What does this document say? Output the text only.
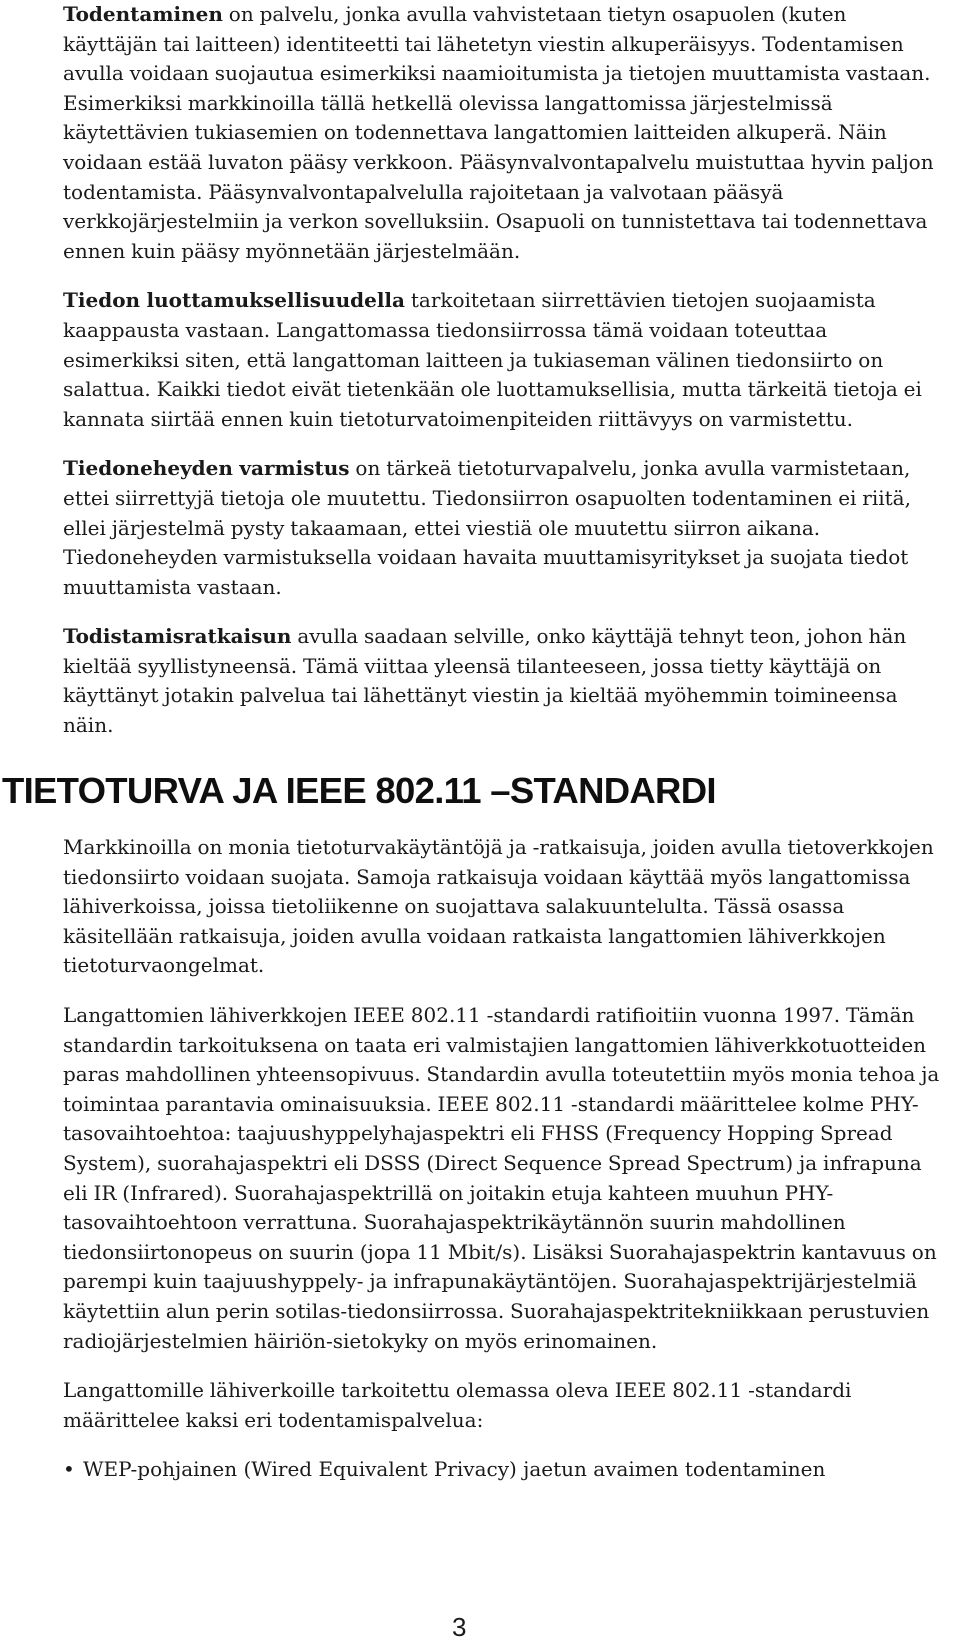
Todentaminen on palvelu, jonka avulla vahvistetaan tietyn osapuolen (kuten käyttäjän tai laitteen) identiteetti tai lähetetyn viestin alkuperäisyys. Todentamisen avulla voidaan suojautua esimerkiksi naamioitumista ja tietojen muuttamista vastaan. Esimerkiksi markkinoilla tällä hetkellä olevissa langattomissa järjestelmissä käytettävien tukiasemien on todennettava langattomien laitteiden alkuperä. Näin voidaan estää luvaton pääsy verkkoon. Pääsynvalvontapalvelu muistuttaa hyvin paljon todentamista. Pääsynvalvontapalvelulla rajoitetaan ja valvotaan pääsyä verkkojärjestelmiin ja verkon sovelluksiin. Osapuoli on tunnistettava tai todennettava ennen kuin pääsy myönnetään järjestelmään.

Tiedon luottamuksellisuudella tarkoitetaan siirrettävien tietojen suojaamista kaappausta vastaan. Langattomassa tiedonsiirrossa tämä voidaan toteuttaa esimerkiksi siten, että langattoman laitteen ja tukiaseman välinen tiedonsiirto on salattua. Kaikki tiedot eivät tietenkään ole luottamuksellisia, mutta tärkeitä tietoja ei kannata siirtää ennen kuin tietoturvatoimenpiteiden riittävyys on varmistettu.

Tiedoneheyden varmistus on tärkeä tietoturvapalvelu, jonka avulla varmistetaan, ettei siirrettyjä tietoja ole muutettu. Tiedonsiirron osapuolten todentaminen ei riitä, ellei järjestelmä pysty takaamaan, ettei viestiä ole muutettu siirron aikana. Tiedoneheyden varmistuksella voidaan havaita muuttamisyritykset ja suojata tiedot muuttamista vastaan.

Todistamisratkaisun avulla saadaan selville, onko käyttäjä tehnyt teon, johon hän kieltää syyllistyneensä. Tämä viittaa yleensä tilanteeseen, jossa tietty käyttäjä on käyttänyt jotakin palvelua tai lähettänyt viestin ja kieltää myöhemmin toimineensa näin.

TIETOTURVA JA IEEE 802.11 –STANDARDI

Markkinoilla on monia tietoturvakäytäntöjä ja -ratkaisuja, joiden avulla tietoverkkojen tiedonsiirto voidaan suojata. Samoja ratkaisuja voidaan käyttää myös langattomissa lähiverkoissa, joissa tietoliikenne on suojattava salakuuntelulta. Tässä osassa käsitellään ratkaisuja, joiden avulla voidaan ratkaista langattomien lähiverkkojen tietoturvaongelmat.

Langattomien lähiverkkojen IEEE 802.11 -standardi ratifioitiin vuonna 1997. Tämän standardin tarkoituksena on taata eri valmistajien langattomien lähiverkkotuotteiden paras mahdollinen yhteensopivuus. Standardin avulla toteutettiin myös monia tehoa ja toimintaa parantavia ominaisuuksia. IEEE 802.11 -standardi määrittelee kolme PHY-tasovaihtoehtoa: taajuushyppelyhajaspektri eli FHSS (Frequency Hopping Spread System), suorahajaspektri eli DSSS (Direct Sequence Spread Spectrum) ja infrapuna eli IR (Infrared). Suorahajaspektrillä on joitakin etuja kahteen muuhun PHY-tasovaihtoehtoon verrattuna. Suorahajaspektrikäytännön suurin mahdollinen tiedonsiirtonopeus on suurin (jopa 11 Mbit/s). Lisäksi Suorahajaspektrin kantavuus on parempi kuin taajuushyppely- ja infrapunakäytäntöjen. Suorahajaspektrijärjestelmiä käytettiin alun perin sotilas-tiedonsiirrossa. Suorahajaspektritekniikkaan perustuvien radiojärjestelmien häiriön-sietokyky on myös erinomainen.

Langattomille lähiverkoille tarkoitettu olemassa oleva IEEE 802.11 -standardi määrittelee kaksi eri todentamispalvelua:

• WEP-pohjainen (Wired Equivalent Privacy) jaetun avaimen todentaminen
3
